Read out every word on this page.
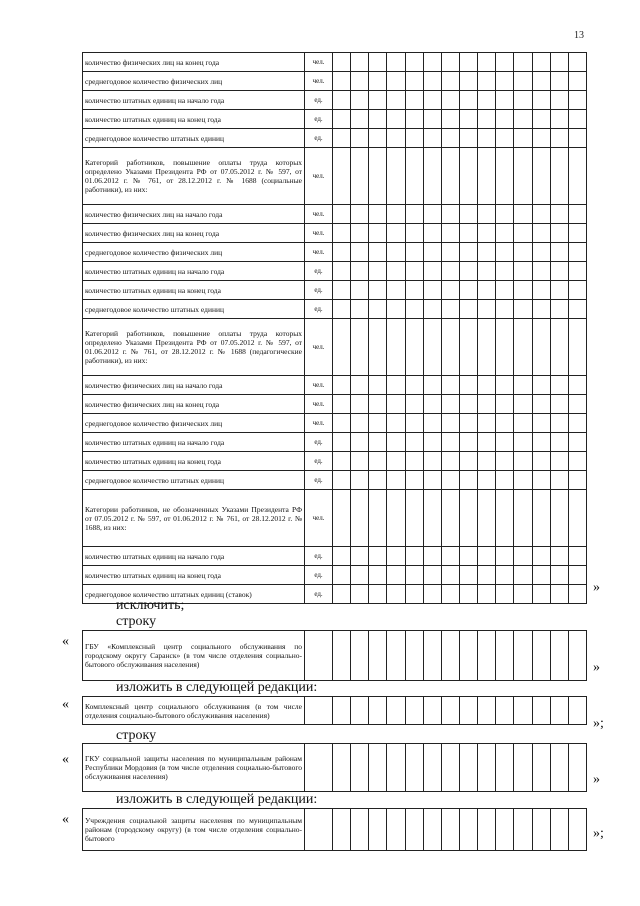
13
количество физических лиц на конец года	чел.														
среднегодовое количество физических лиц	чел.														
количество штатных единиц на начало года	ед.														
количество штатных единиц на конец года	ед.														
среднегодовое количество штатных единиц	ед.														
Категорий работников, повышение оплаты труда которых определено Указами Президента РФ от 07.05.2012 г. № 597, от 01.06.2012 г. № 761, от 28.12.2012 г. № 1688 (социальные работники), из них:	чел.														
количество физических лиц на начало года	чел.														
количество физических лиц на конец года	чел.														
среднегодовое количество физических лиц	чел.														
количество штатных единиц на начало года	ед.														
количество штатных единиц на конец года	ед.														
среднегодовое количество штатных единиц	ед.														
Категорий работников, повышение оплаты труда которых определено Указами Президента РФ от 07.05.2012 г. № 597, от 01.06.2012 г. № 761, от 28.12.2012 г. № 1688 (педагогические работники), из них:	чел.														
количество физических лиц на начало года	чел.														
количество физических лиц на конец года	чел.														
среднегодовое количество физических лиц	чел.														
количество штатных единиц на начало года	ед.														
количество штатных единиц на конец года	ед.														
среднегодовое количество штатных единиц	ед.														
Категории работников, не обозначенных Указами Президента РФ от 07.05.2012 г. № 597, от 01.06.2012 г. № 761, от 28.12.2012 г. № 1688, из них:	чел.														
количество штатных единиц на начало года	ед.														
количество штатных единиц на конец года	ед.														
среднегодовое количество штатных единиц (ставок)	ед.															»
исключить;
строку
« ГБУ «Комплексный центр социального обслуживания по городскому округу Саранск» (в том числе отделения социально-бытового обслуживания населения)																»
изложить в следующей редакции:
« Комплексный центр социального обслуживания (в том числе отделения социально-бытового обслуживания населения)															
»;
строку
« ГКУ социальной защиты населения по муниципальным районам Республики Мордовия (в том числе отделения социально-бытового обслуживания населения)																»
изложить в следующей редакции:
« Учреждения социальной защиты населения по муниципальным районам (городскому округу) (в том числе отделения социально-бытового																»;
